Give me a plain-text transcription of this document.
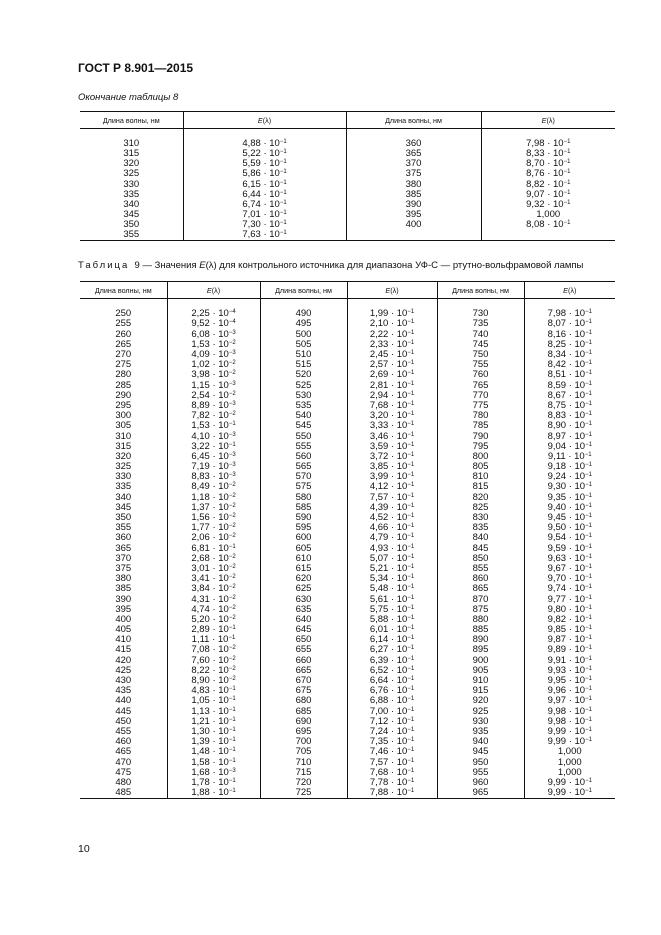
ГОСТ Р 8.901—2015
Окончание таблицы 8
Длина волны, нм	E(λ)	Длина волны, нм	E(λ)

310	$4,88 \cdot 10^{-1}$	360	$7,98 \cdot 10^{-1}$
315	$5,22 \cdot 10^{-1}$	365	$8,33 \cdot 10^{-1}$
320	$5,59 \cdot 10^{-1}$	370	$8,70 \cdot 10^{-1}$
325	$5,86 \cdot 10^{-1}$	375	$8,76 \cdot 10^{-1}$
330	$6,15 \cdot 10^{-1}$	380	$8,82 \cdot 10^{-1}$
335	$6,44 \cdot 10^{-1}$	385	$9,07 \cdot 10^{-1}$
340	$6,74 \cdot 10^{-1}$	390	$9,32 \cdot 10^{-1}$
345	$7,01 \cdot 10^{-1}$	395	1,000
350	$7,30 \cdot 10^{-1}$	400	$8,08 \cdot 10^{-1}$
355	$7,63 \cdot 10^{-1}$		
Таблица 9 — Значения E(λ) для контрольного источника для диапазона УФ-С — ртутно-вольфрамовой лампы
Длина волны, нм	E(λ)	Длина волны, нм	E(λ)	Длина волны, нм	E(λ)

250	$2,25 \cdot 10^{-4}$	490	$1,99 \cdot 10^{-1}$	730	$7,98 \cdot 10^{-1}$
255	$9,52 \cdot 10^{-4}$	495	$2,10 \cdot 10^{-1}$	735	$8,07 \cdot 10^{-1}$
260	$6,08 \cdot 10^{-3}$	500	$2,22 \cdot 10^{-1}$	740	$8,16 \cdot 10^{-1}$
265	$1,53 \cdot 10^{-2}$	505	$2,33 \cdot 10^{-1}$	745	$8,25 \cdot 10^{-1}$
270	$4,09 \cdot 10^{-3}$	510	$2,45 \cdot 10^{-1}$	750	$8,34 \cdot 10^{-1}$
275	$1,02 \cdot 10^{-2}$	515	$2,57 \cdot 10^{-1}$	755	$8,42 \cdot 10^{-1}$
280	$3,98 \cdot 10^{-2}$	520	$2,69 \cdot 10^{-1}$	760	$8,51 \cdot 10^{-1}$
285	$1,15 \cdot 10^{-3}$	525	$2,81 \cdot 10^{-1}$	765	$8,59 \cdot 10^{-1}$
290	$2,54 \cdot 10^{-2}$	530	$2,94 \cdot 10^{-1}$	770	$8,67 \cdot 10^{-1}$
295	$8,89 \cdot 10^{-3}$	535	$7,68 \cdot 10^{-1}$	775	$8,75 \cdot 10^{-1}$
300	$7,82 \cdot 10^{-2}$	540	$3,20 \cdot 10^{-1}$	780	$8,83 \cdot 10^{-1}$
305	$1,53 \cdot 10^{-1}$	545	$3,33 \cdot 10^{-1}$	785	$8,90 \cdot 10^{-1}$
310	$4,10 \cdot 10^{-3}$	550	$3,46 \cdot 10^{-1}$	790	$8,97 \cdot 10^{-1}$
315	$3,22 \cdot 10^{-1}$	555	$3,59 \cdot 10^{-1}$	795	$9,04 \cdot 10^{-1}$
320	$6,45 \cdot 10^{-3}$	560	$3,72 \cdot 10^{-1}$	800	$9,11 \cdot 10^{-1}$
325	$7,19 \cdot 10^{-3}$	565	$3,85 \cdot 10^{-1}$	805	$9,18 \cdot 10^{-1}$
330	$8,83 \cdot 10^{-3}$	570	$3,99 \cdot 10^{-1}$	810	$9,24 \cdot 10^{-1}$
335	$8,49 \cdot 10^{-2}$	575	$4,12 \cdot 10^{-1}$	815	$9,30 \cdot 10^{-1}$
340	$1,18 \cdot 10^{-2}$	580	$7,57 \cdot 10^{-1}$	820	$9,35 \cdot 10^{-1}$
345	$1,37 \cdot 10^{-2}$	585	$4,39 \cdot 10^{-1}$	825	$9,40 \cdot 10^{-1}$
350	$1,56 \cdot 10^{-2}$	590	$4,52 \cdot 10^{-1}$	830	$9,45 \cdot 10^{-1}$
355	$1,77 \cdot 10^{-2}$	595	$4,66 \cdot 10^{-1}$	835	$9,50 \cdot 10^{-1}$
360	$2,06 \cdot 10^{-2}$	600	$4,79 \cdot 10^{-1}$	840	$9,54 \cdot 10^{-1}$
365	$6,81 \cdot 10^{-1}$	605	$4,93 \cdot 10^{-1}$	845	$9,59 \cdot 10^{-1}$
370	$2,68 \cdot 10^{-2}$	610	$5,07 \cdot 10^{-1}$	850	$9,63 \cdot 10^{-1}$
375	$3,01 \cdot 10^{-2}$	615	$5,21 \cdot 10^{-1}$	855	$9,67 \cdot 10^{-1}$
380	$3,41 \cdot 10^{-2}$	620	$5,34 \cdot 10^{-1}$	860	$9,70 \cdot 10^{-1}$
385	$3,84 \cdot 10^{-2}$	625	$5,48 \cdot 10^{-1}$	865	$9,74 \cdot 10^{-1}$
390	$4,31 \cdot 10^{-2}$	630	$5,61 \cdot 10^{-1}$	870	$9,77 \cdot 10^{-1}$
395	$4,74 \cdot 10^{-2}$	635	$5,75 \cdot 10^{-1}$	875	$9,80 \cdot 10^{-1}$
400	$5,20 \cdot 10^{-2}$	640	$5,88 \cdot 10^{-1}$	880	$9,82 \cdot 10^{-1}$
405	$2,89 \cdot 10^{-1}$	645	$6,01 \cdot 10^{-1}$	885	$9,85 \cdot 10^{-1}$
410	$1,11 \cdot 10^{-1}$	650	$6,14 \cdot 10^{-1}$	890	$9,87 \cdot 10^{-1}$
415	$7,08 \cdot 10^{-2}$	655	$6,27 \cdot 10^{-1}$	895	$9,89 \cdot 10^{-1}$
420	$7,60 \cdot 10^{-2}$	660	$6,39 \cdot 10^{-1}$	900	$9,91 \cdot 10^{-1}$
425	$8,22 \cdot 10^{-2}$	665	$6,52 \cdot 10^{-1}$	905	$9,93 \cdot 10^{-1}$
430	$8,90 \cdot 10^{-2}$	670	$6,64 \cdot 10^{-1}$	910	$9,95 \cdot 10^{-1}$
435	$4,83 \cdot 10^{-1}$	675	$6,76 \cdot 10^{-1}$	915	$9,96 \cdot 10^{-1}$
440	$1,05 \cdot 10^{-1}$	680	$6,88 \cdot 10^{-1}$	920	$9,97 \cdot 10^{-1}$
445	$1,13 \cdot 10^{-1}$	685	$7,00 \cdot 10^{-1}$	925	$9,98 \cdot 10^{-1}$
450	$1,21 \cdot 10^{-1}$	690	$7,12 \cdot 10^{-1}$	930	$9,98 \cdot 10^{-1}$
455	$1,30 \cdot 10^{-1}$	695	$7,24 \cdot 10^{-1}$	935	$9,99 \cdot 10^{-1}$
460	$1,39 \cdot 10^{-1}$	700	$7,35 \cdot 10^{-1}$	940	$9,99 \cdot 10^{-1}$
465	$1,48 \cdot 10^{-1}$	705	$7,46 \cdot 10^{-1}$	945	1,000
470	$1,58 \cdot 10^{-1}$	710	$7,57 \cdot 10^{-1}$	950	1,000
475	$1,68 \cdot 10^{-3}$	715	$7,68 \cdot 10^{-1}$	955	1,000
480	$1,78 \cdot 10^{-1}$	720	$7,78 \cdot 10^{-1}$	960	$9,99 \cdot 10^{-1}$
485	$1,88 \cdot 10^{-1}$	725	$7,88 \cdot 10^{-1}$	965	$9,99 \cdot 10^{-1}$
10
